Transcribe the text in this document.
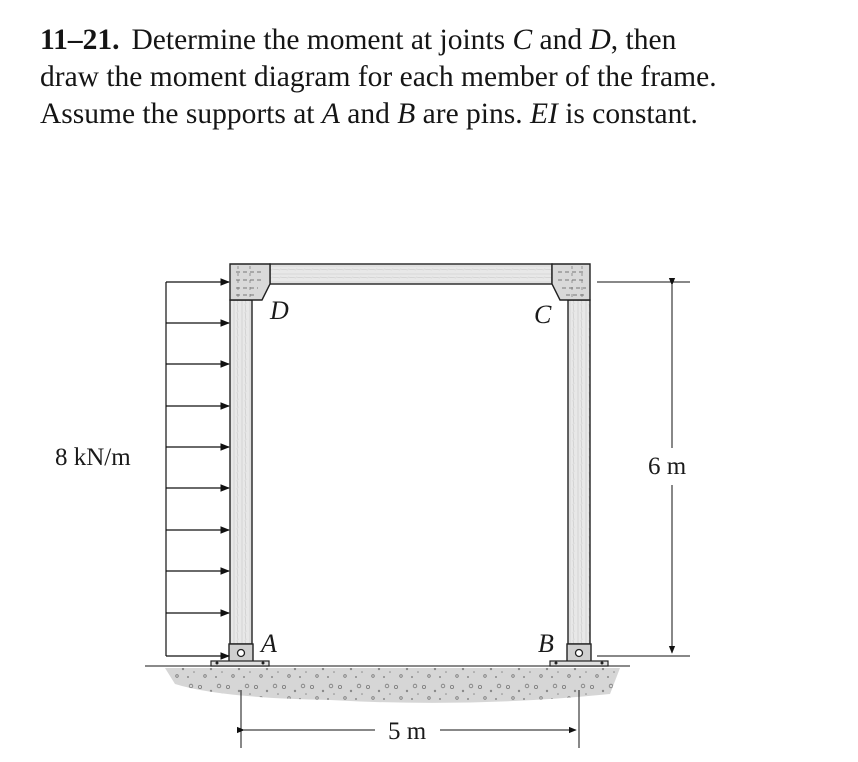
11–21. Determine the moment at joints C and D, then
draw the moment diagram for each member of the frame.
Assume the supports at A and B are pins. EI is constant.
8 kN/m	6 m
5 m
D	C
A	B
